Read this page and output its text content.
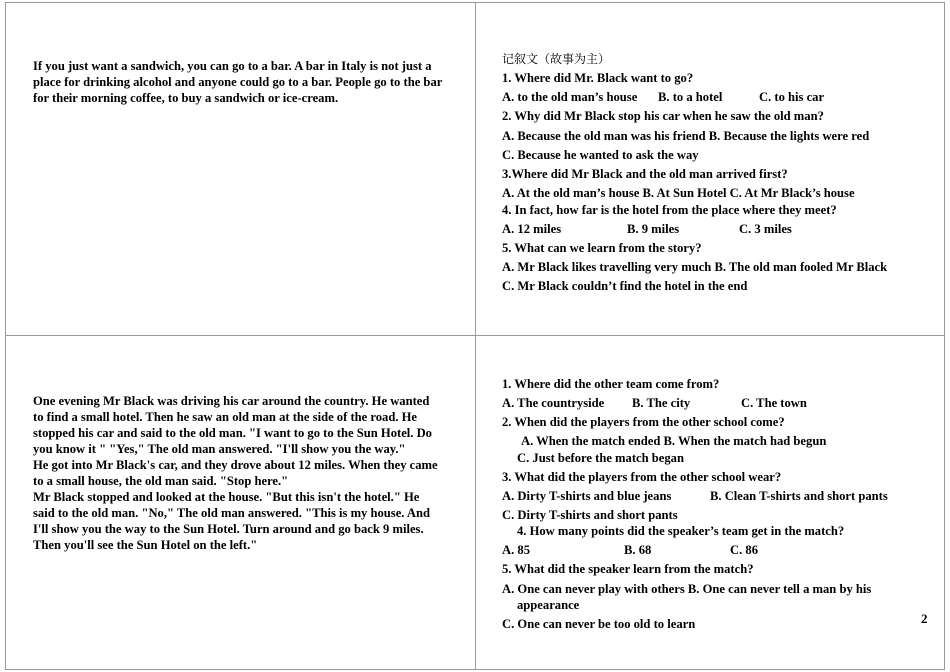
If you just want a sandwich, you can go to a bar. A bar in Italy is not just a place for drinking alcohol and anyone could go to a bar. People go to the bar for their morning coffee, to buy a sandwich or ice-cream.

记叙文（故事为主）
1. Where did Mr. Black want to go?
A. to the old man’s house B. to a hotel	C. to his car
2. Why did Mr Black stop his car when he saw the old man?
A. Because the old man was his friend B. Because the lights were red
C. Because he wanted to ask the way
3.Where did Mr Black and the old man arrived first?
A. At the old man’s house B. At Sun Hotel C. At Mr Black’s house
4. In fact, how far is the hotel from the place where they meet?
A. 12 miles	B. 9 miles	C. 3 miles
5. What can we learn from the story?
A. Mr Black likes travelling very much B. The old man fooled Mr Black
C. Mr Black couldn’t find the hotel in the end
One evening Mr Black was driving his car around the country. He wanted to find a small hotel. Then he saw an old man at the side of the road. He stopped his car and said to the old man. "I want to go to the Sun Hotel. Do you know it " "Yes," The old man answered. "I'll show you the way."
He got into Mr Black's car, and they drove about 12 miles. When they came to a small house, the old man said. "Stop here."
Mr Black stopped and looked at the house. "But this isn't the hotel." He said to the old man. "No," The old man answered. "This is my house. And I'll show you the way to the Sun Hotel. Turn around and go back 9 miles. Then you'll see the Sun Hotel on the left."
1. Where did the other team come from?
A. The countryside B. The city	C. The town
2. When did the players from the other school come?
A. When the match ended B. When the match had begun
C. Just before the match began
3. What did the players from the other school wear?
A. Dirty T-shirts and blue jeans	B. Clean T-shirts and short pants
C. Dirty T-shirts and short pants
4. How many points did the speaker’s team get in the match?
A. 85	B. 68	C. 86
5. What did the speaker learn from the match?
A. One can never play with others B. One can never tell a man by his
appearance
C. One can never be too old to learn	2
